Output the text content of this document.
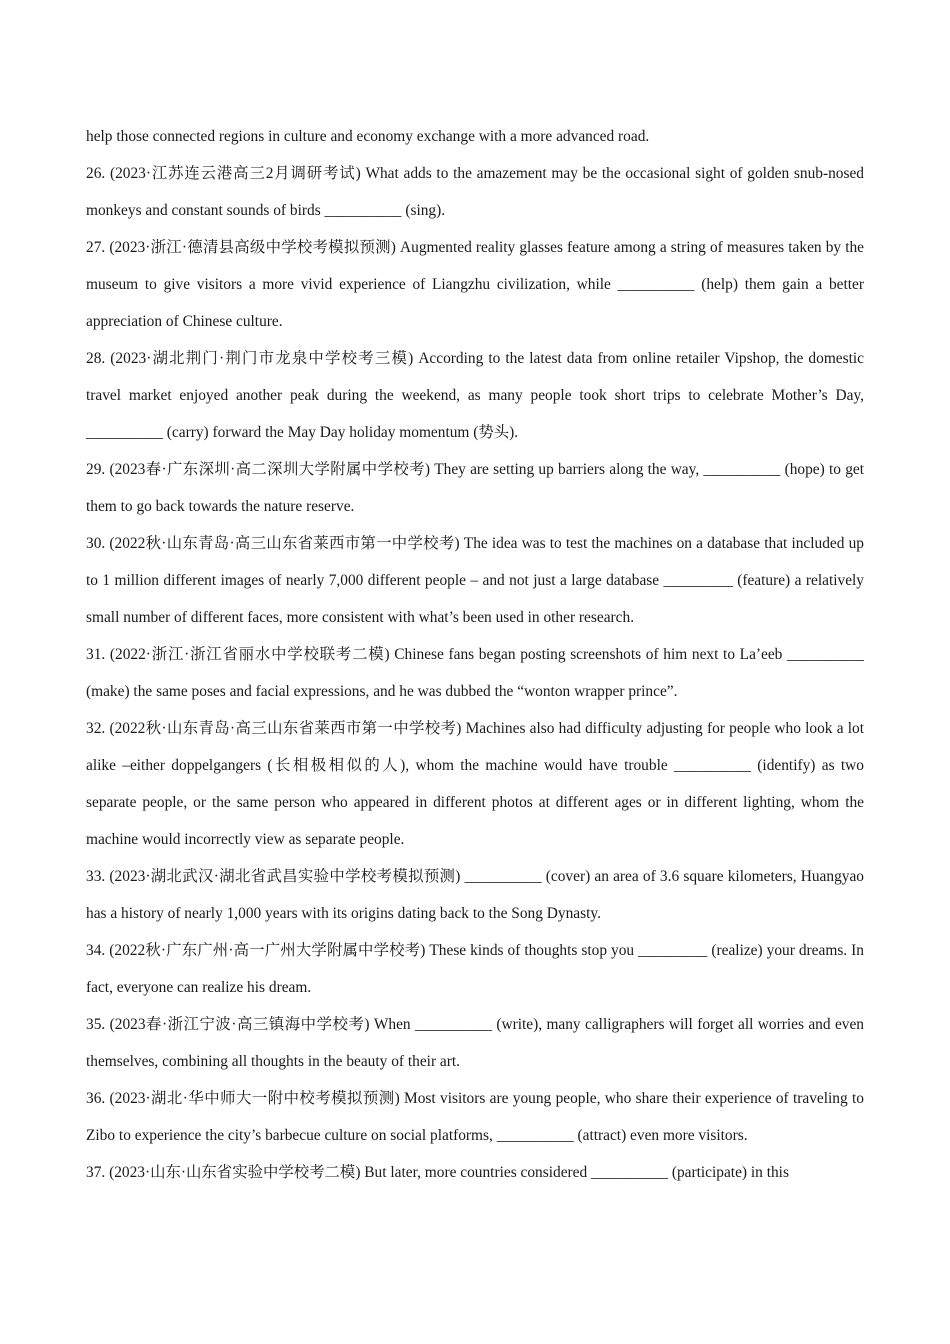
help those connected regions in culture and economy exchange with a more advanced road.

26. (2023·江苏连云港高三2月调研考试) What adds to the amazement may be the occasional sight of golden snub-nosed monkeys and constant sounds of birds __________ (sing).

27. (2023·浙江·德清县高级中学校考模拟预测) Augmented reality glasses feature among a string of measures taken by the museum to give visitors a more vivid experience of Liangzhu civilization, while __________ (help) them gain a better appreciation of Chinese culture.

28. (2023·湖北荆门·荆门市龙泉中学校考三模) According to the latest data from online retailer Vipshop, the domestic travel market enjoyed another peak during the weekend, as many people took short trips to celebrate Mother’s Day, __________ (carry) forward the May Day holiday momentum (势头).

29. (2023春·广东深圳·高二深圳大学附属中学校考) They are setting up barriers along the way, __________ (hope) to get them to go back towards the nature reserve.

30. (2022秋·山东青岛·高三山东省莱西市第一中学校考) The idea was to test the machines on a database that included up to 1 million different images of nearly 7,000 different people – and not just a large database _________ (feature) a relatively small number of different faces, more consistent with what’s been used in other research.

31. (2022·浙江·浙江省丽水中学校联考二模) Chinese fans began posting screenshots of him next to La’eeb __________ (make) the same poses and facial expressions, and he was dubbed the “wonton wrapper prince”.

32. (2022秋·山东青岛·高三山东省莱西市第一中学校考) Machines also had difficulty adjusting for people who look a lot alike –either doppelgangers (长相极相似的人), whom the machine would have trouble __________ (identify) as two separate people, or the same person who appeared in different photos at different ages or in different lighting, whom the machine would incorrectly view as separate people.

33. (2023·湖北武汉·湖北省武昌实验中学校考模拟预测) __________ (cover) an area of 3.6 square kilometers, Huangyao has a history of nearly 1,000 years with its origins dating back to the Song Dynasty.

34. (2022秋·广东广州·高一广州大学附属中学校考) These kinds of thoughts stop you _________ (realize) your dreams. In fact, everyone can realize his dream.

35. (2023春·浙江宁波·高三镇海中学校考) When __________ (write), many calligraphers will forget all worries and even themselves, combining all thoughts in the beauty of their art.

36. (2023·湖北·华中师大一附中校考模拟预测) Most visitors are young people, who share their experience of traveling to Zibo to experience the city’s barbecue culture on social platforms, __________ (attract) even more visitors.

37. (2023·山东·山东省实验中学校考二模) But later, more countries considered __________ (participate) in this
